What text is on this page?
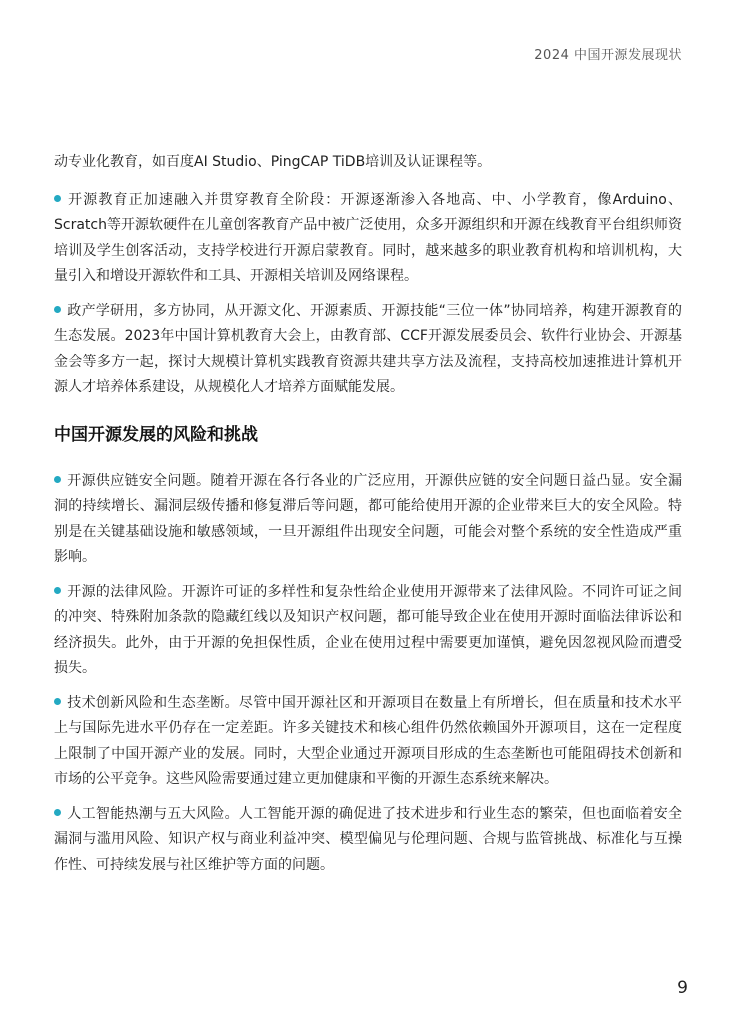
2024 中国开源发展现状

动专业化教育，如百度AI Studio、PingCAP TiDB培训及认证课程等。

开源教育正加速融入并贯穿教育全阶段：开源逐渐渗入各地高、中、小学教育，像Arduino、Scratch等开源软硬件在儿童创客教育产品中被广泛使用，众多开源组织和开源在线教育平台组织师资培训及学生创客活动，支持学校进行开源启蒙教育。同时，越来越多的职业教育机构和培训机构，大量引入和增设开源软件和工具、开源相关培训及网络课程。

政产学研用，多方协同，从开源文化、开源素质、开源技能“三位一体”协同培养，构建开源教育的生态发展。2023年中国计算机教育大会上，由教育部、CCF开源发展委员会、软件行业协会、开源基金会等多方一起，探讨大规模计算机实践教育资源共建共享方法及流程，支持高校加速推进计算机开源人才培养体系建设，从规模化人才培养方面赋能发展。

中国开源发展的风险和挑战

开源供应链安全问题。随着开源在各行各业的广泛应用，开源供应链的安全问题日益凸显。安全漏洞的持续增长、漏洞层级传播和修复滞后等问题，都可能给使用开源的企业带来巨大的安全风险。特别是在关键基础设施和敏感领域，一旦开源组件出现安全问题，可能会对整个系统的安全性造成严重影响。

开源的法律风险。开源许可证的多样性和复杂性给企业使用开源带来了法律风险。不同许可证之间的冲突、特殊附加条款的隐藏红线以及知识产权问题，都可能导致企业在使用开源时面临法律诉讼和经济损失。此外，由于开源的免担保性质，企业在使用过程中需要更加谨慎，避免因忽视风险而遭受损失。

技术创新风险和生态垄断。尽管中国开源社区和开源项目在数量上有所增长，但在质量和技术水平上与国际先进水平仍存在一定差距。许多关键技术和核心组件仍然依赖国外开源项目，这在一定程度上限制了中国开源产业的发展。同时，大型企业通过开源项目形成的生态垄断也可能阻碍技术创新和市场的公平竞争。这些风险需要通过建立更加健康和平衡的开源生态系统来解决。

人工智能热潮与五大风险。人工智能开源的确促进了技术进步和行业生态的繁荣，但也面临着安全漏洞与滥用风险、知识产权与商业利益冲突、模型偏见与伦理问题、合规与监管挑战、标准化与互操作性、可持续发展与社区维护等方面的问题。

9
